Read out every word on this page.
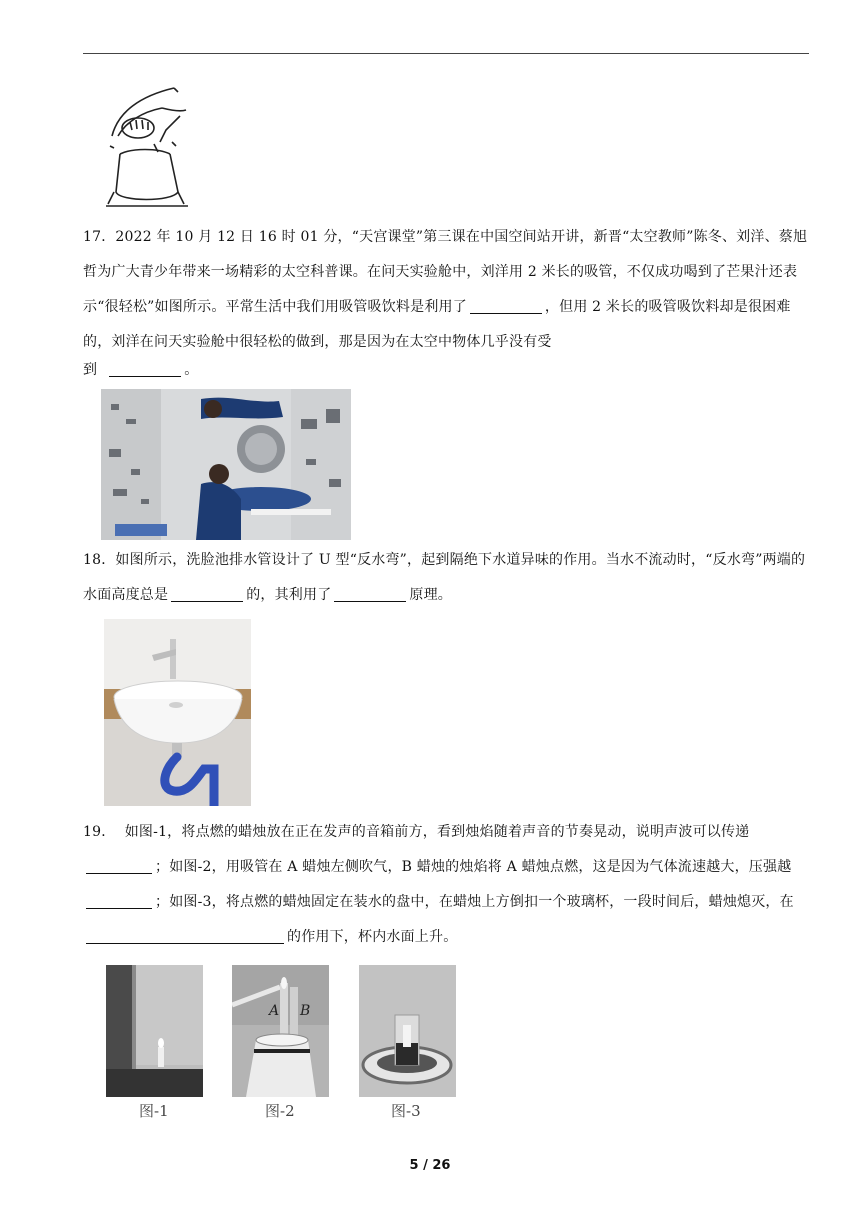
17．2022 年 10 月 12 日 16 时 01 分，“天宫课堂”第三课在中国空间站开讲，新晋“太空教师”陈冬、刘洋、蔡旭哲为广大青少年带来一场精彩的太空科普课。在问天实验舱中，刘洋用 2 米长的吸管，不仅成功喝到了芒果汁还表示“很轻松”如图所示。平常生活中我们用吸管吸饮料是利用了	，但用 2 米长的吸管吸饮料却是很困难的，刘洋在问天实验舱中很轻松的做到，那是因为在太空中物体几乎没有受
到	。
18．如图所示，洗脸池排水管设计了 U 型“反水弯”，起到隔绝下水道异味的作用。当水不流动时，“反水弯”两端的水面高度总是	的，其利用了	原理。
19． 如图-1，将点燃的蜡烛放在正在发声的音箱前方，看到烛焰随着声音的节奏晃动，说明声波可以传递；如图-2，用吸管在 A 蜡烛左侧吹气，B 蜡烛的烛焰将 A 蜡烛点燃，这是因为气体流速越大，压强越；如图-3，将点燃的蜡烛固定在装水的盘中，在蜡烛上方倒扣一个玻璃杯，一段时间后，蜡烛熄灭，在的作用下，杯内水面上升。
A B
图-1	图-2	图-3
5 / 26
